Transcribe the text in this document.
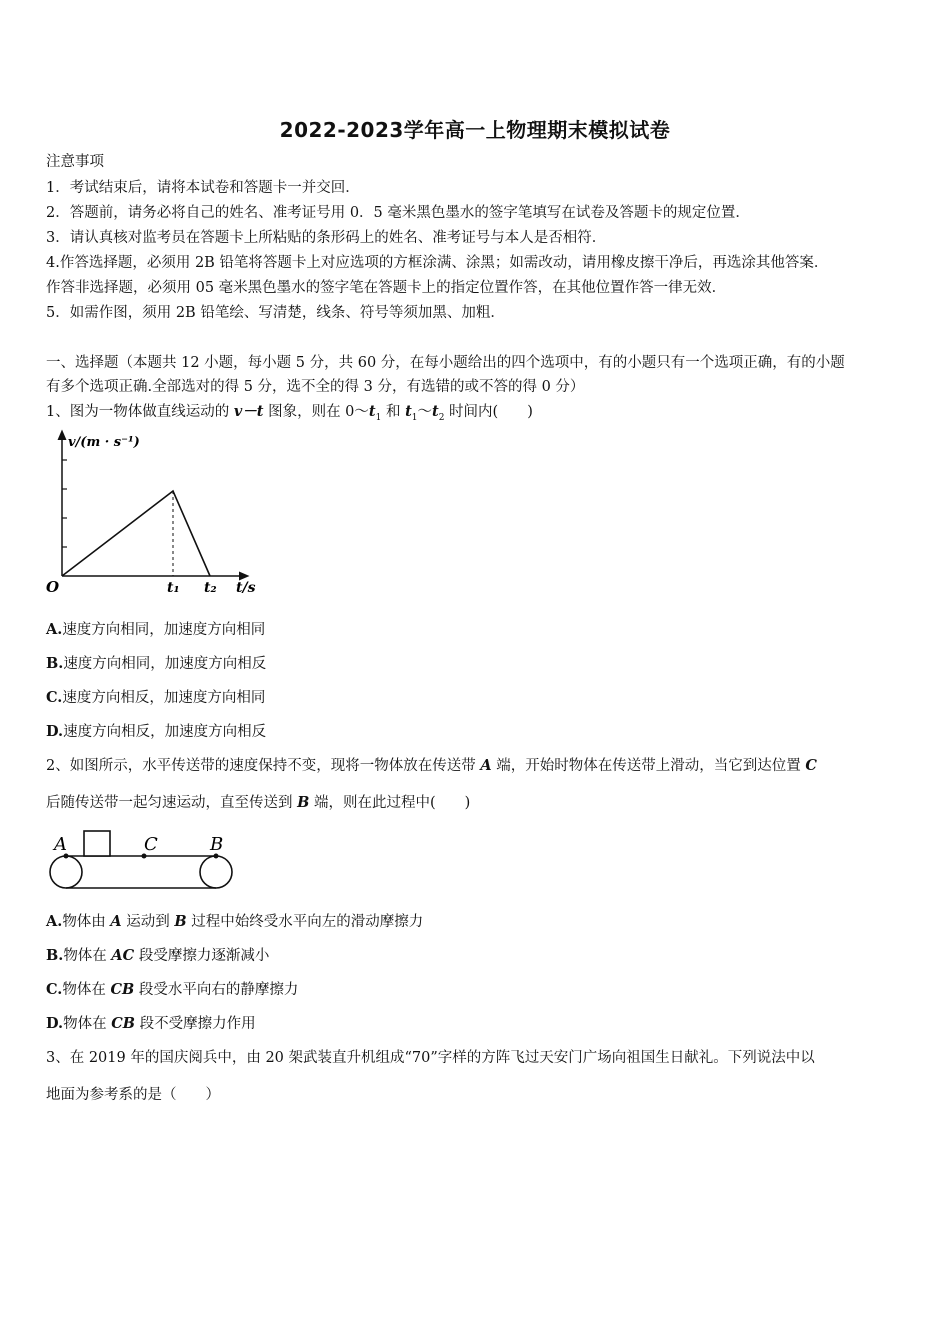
2022-2023学年高一上物理期末模拟试卷
注意事项
1．考试结束后，请将本试卷和答题卡一并交回．
2．答题前，请务必将自己的姓名、准考证号用 0．5 毫米黑色墨水的签字笔填写在试卷及答题卡的规定位置．
3．请认真核对监考员在答题卡上所粘贴的条形码上的姓名、准考证号与本人是否相符．
4.作答选择题，必须用 2B 铅笔将答题卡上对应选项的方框涂满、涂黑；如需改动，请用橡皮擦干净后，再选涂其他答案．
作答非选择题，必须用 05 毫米黑色墨水的签字笔在答题卡上的指定位置作答，在其他位置作答一律无效．
5．如需作图，须用 2B 铅笔绘、写清楚，线条、符号等须加黑、加粗．
一、选择题（本题共 12 小题，每小题 5 分，共 60 分，在每小题给出的四个选项中，有的小题只有一个选项正确，有的小题
有多个选项正确.全部选对的得 5 分，选不全的得 3 分，有选错的或不答的得 0 分）
1、图为一物体做直线运动的 v－t 图象，则在 $0\sim t_1$ 和 $t_1\sim t_2$ 时间内(　　)
v/(m · s⁻¹)
O	t₁ t₂ t/s
A.速度方向相同，加速度方向相同
B.速度方向相同，加速度方向相反
C.速度方向相反，加速度方向相同
D.速度方向相反，加速度方向相反
2、如图所示，水平传送带的速度保持不变，现将一物体放在传送带 A 端，开始时物体在传送带上滑动，当它到达位置 C
后随传送带一起匀速运动，直至传送到 B 端，则在此过程中(　　)
A	C	B
A.物体由 A 运动到 B 过程中始终受水平向左的滑动摩擦力
B.物体在 AC 段受摩擦力逐渐减小
C.物体在 CB 段受水平向右的静摩擦力
D.物体在 CB 段不受摩擦力作用
3、在 2019 年的国庆阅兵中，由 20 架武装直升机组成“70”字样的方阵飞过天安门广场向祖国生日献礼。下列说法中以
地面为参考系的是（　　）
